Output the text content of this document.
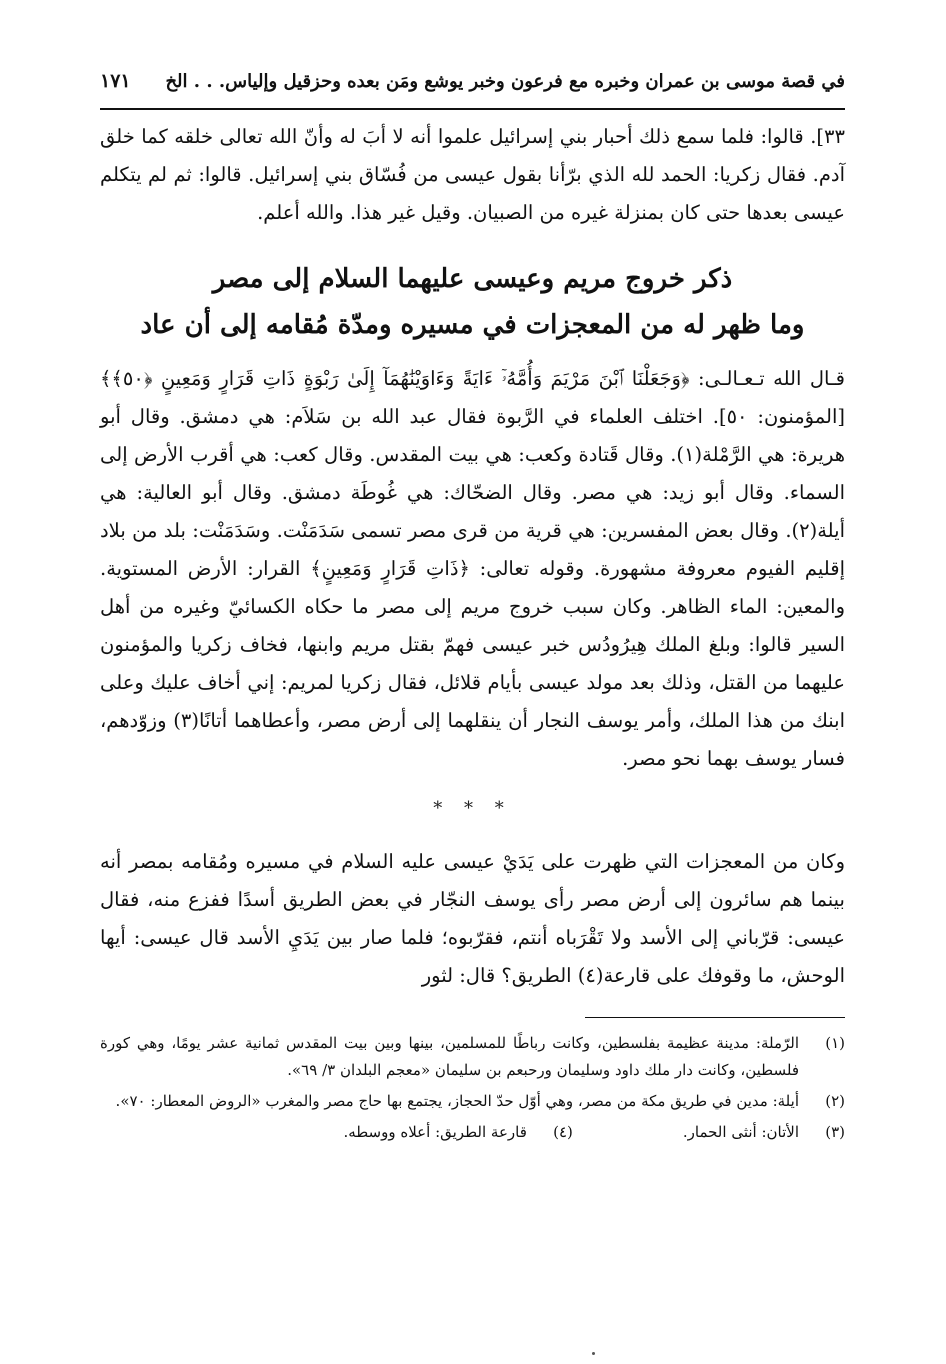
في قصة موسى بن عمران وخبره مع فرعون وخبر يوشع ومَن بعده وحزقيل وإلياس. . . الخ
١٧١

٣٣]. قالوا: فلما سمع ذلك أحبار بني إسرائيل علموا أنه لا أبَ له وأنّ الله تعالى خلقه كما خلق آدم. فقال زكريا: الحمد لله الذي برّأنا بقول عيسى من فُسّاق بني إسرائيل. قالوا: ثم لم يتكلم عيسى بعدها حتى كان بمنزلة غيره من الصبيان. وقيل غير هذا. والله أعلم.

ذكر خروج مريم وعيسى عليهما السلام إلى مصر
وما ظهر له من المعجزات في مسيره ومدّة مُقامه إلى أن عاد

قـال الله تـعـالـى: ﴿وَجَعَلْنَا ٱبْنَ مَرْيَمَ وَأُمَّهُۥٓ ءَايَةً وَءَاوَيْنَٰهُمَآ إِلَىٰ رَبْوَةٍ ذَاتِ قَرَارٍ وَمَعِينٍ ﴿٥٠﴾﴾ [المؤمنون: ٥٠]. اختلف العلماء في الرَّبوة فقال عبد الله بن سَلاَم: هي دمشق. وقال أبو هريرة: هي الرَّمْلة(١). وقال قَتادة وكعب: هي بيت المقدس. وقال كعب: هي أقرب الأرض إلى السماء. وقال أبو زيد: هي مصر. وقال الضحّاك: هي غُوطَة دمشق. وقال أبو العالية: هي أيلة(٢). وقال بعض المفسرين: هي قرية من قرى مصر تسمى سَدَمَنْت. وسَدَمَنْت: بلد من بلاد إقليم الفيوم معروفة مشهورة. وقوله تعالى: ﴿ذَاتِ قَرَارٍ وَمَعِينٍ﴾ القرار: الأرض المستوية. والمعين: الماء الظاهر. وكان سبب خروج مريم إلى مصر ما حكاه الكسائيّ وغيره من أهل السير قالوا: وبلغ الملك هِيرُودُس خبر عيسى فهمّ بقتل مريم وابنها، فخاف زكريا والمؤمنون عليهما من القتل، وذلك بعد مولد عيسى بأيام قلائل، فقال زكريا لمريم: إني أخاف عليك وعلى ابنك من هذا الملك، وأمر يوسف النجار أن ينقلهما إلى أرض مصر، وأعطاهما أتانًا(٣) وزوّدهم، فسار يوسف بهما نحو مصر.

* * *

وكان من المعجزات التي ظهرت على يَدَيْ عيسى عليه السلام في مسيره ومُقامه بمصر أنه بينما هم سائرون إلى أرض مصر رأى يوسف النجّار في بعض الطريق أسدًا ففزع منه، فقال عيسى: قرّباني إلى الأسد ولا تَقْرَباه أنتم، فقرّبوه؛ فلما صار بين يَدَيِ الأسد قال عيسى: أيها الوحش، ما وقوفك على قارعة(٤) الطريق؟ قال: لثور

(١)
الرّملة: مدينة عظيمة بفلسطين، وكانت رباطًا للمسلمين، بينها وبين بيت المقدس ثمانية عشر يومًا، وهي كورة فلسطين، وكانت دار ملك داود وسليمان ورحبعم بن سليمان «معجم البلدان ٣/ ٦٩».
(٢)
أيلة: مدين في طريق مكة من مصر، وهي أوّل حدّ الحجاز، يجتمع بها حاج مصر والمغرب «الروض المعطار: ٧٠».
(٣)
الأتان: أنثى الحمار.
(٤)
قارعة الطريق: أعلاه ووسطه.
